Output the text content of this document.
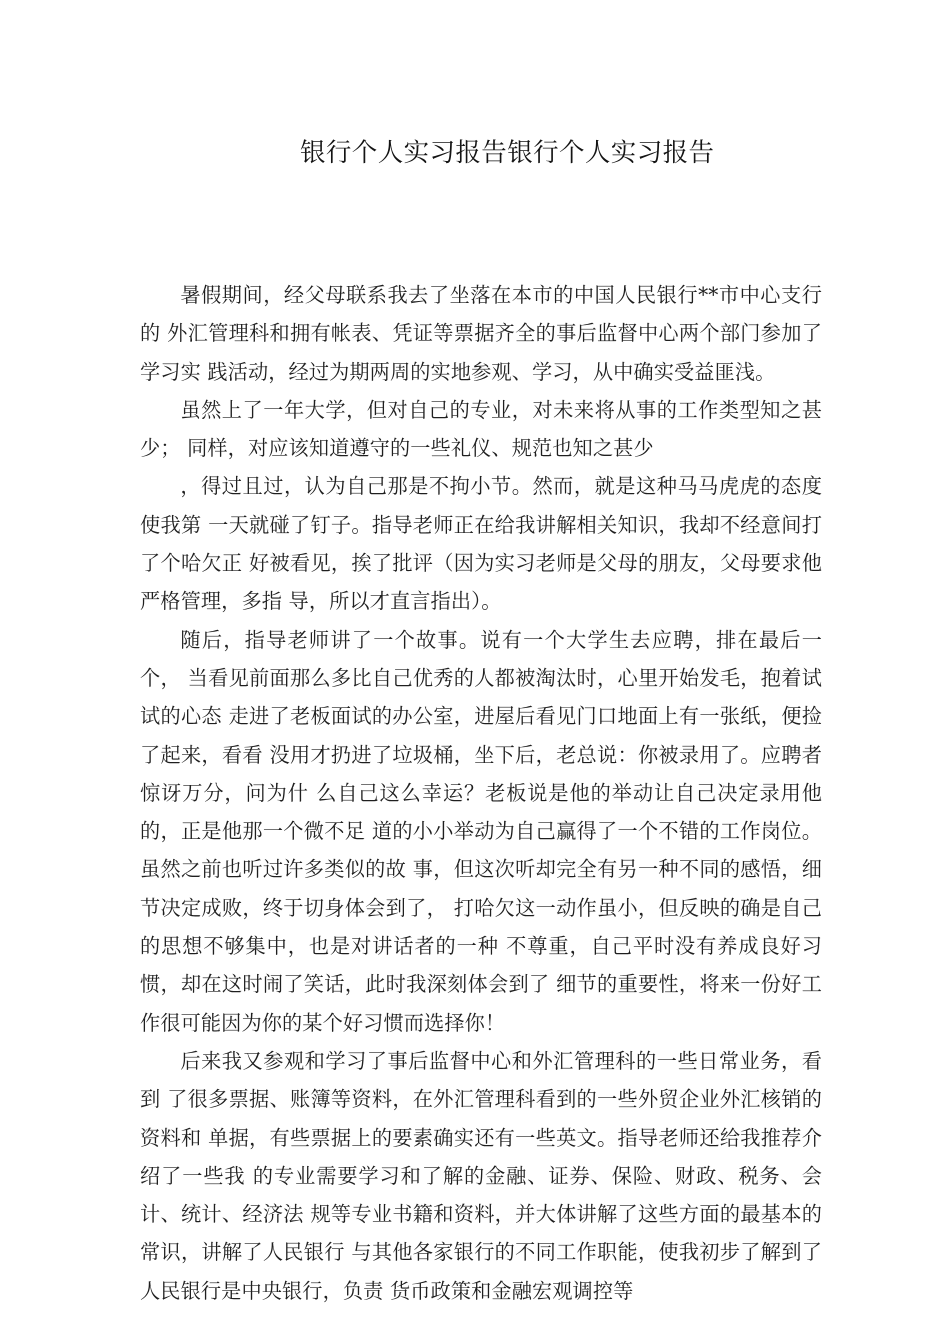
银行个人实习报告银行个人实习报告

暑假期间，经父母联系我去了坐落在本市的中国人民银行**市中心支行的 外汇管理科和拥有帐表、凭证等票据齐全的事后监督中心两个部门参加了学习实 践活动，经过为期两周的实地参观、学习，从中确实受益匪浅。

虽然上了一年大学，但对自己的专业，对未来将从事的工作类型知之甚少； 同样，对应该知道遵守的一些礼仪、规范也知之甚少

，得过且过，认为自己那是不拘小节。然而，就是这种马马虎虎的态度使我第 一天就碰了钉子。指导老师正在给我讲解相关知识，我却不经意间打了个哈欠正 好被看见，挨了批评（因为实习老师是父母的朋友，父母要求他严格管理，多指 导，所以才直言指出）。

随后，指导老师讲了一个故事。说有一个大学生去应聘，排在最后一个， 当看见前面那么多比自己优秀的人都被淘汰时，心里开始发毛，抱着试试的心态 走进了老板面试的办公室，进屋后看见门口地面上有一张纸，便捡了起来，看看 没用才扔进了垃圾桶，坐下后，老总说：你被录用了。应聘者惊讶万分，问为什 么自己这么幸运？老板说是他的举动让自己决定录用他的，正是他那一个微不足 道的小小举动为自己赢得了一个不错的工作岗位。虽然之前也听过许多类似的故 事，但这次听却完全有另一种不同的感悟，细节决定成败，终于切身体会到了， 打哈欠这一动作虽小，但反映的确是自己的思想不够集中，也是对讲话者的一种 不尊重，自己平时没有养成良好习惯，却在这时闹了笑话，此时我深刻体会到了 细节的重要性，将来一份好工作很可能因为你的某个好习惯而选择你！

后来我又参观和学习了事后监督中心和外汇管理科的一些日常业务，看到 了很多票据、账簿等资料，在外汇管理科看到的一些外贸企业外汇核销的资料和 单据，有些票据上的要素确实还有一些英文。指导老师还给我推荐介绍了一些我 的专业需要学习和了解的金融、证券、保险、财政、税务、会计、统计、经济法 规等专业书籍和资料，并大体讲解了这些方面的最基本的常识，讲解了人民银行 与其他各家银行的不同工作职能，使我初步了解到了人民银行是中央银行，负责 货币政策和金融宏观调控等
